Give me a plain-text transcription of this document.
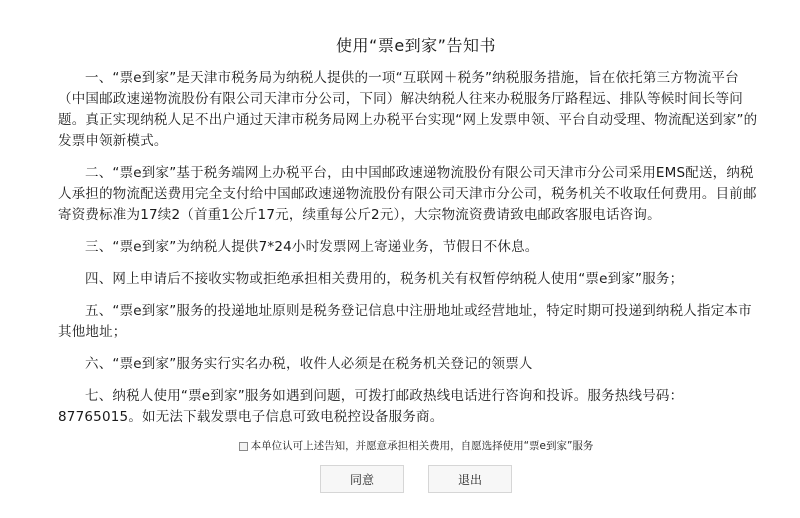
使用“票e到家”告知书
一、“票e到家”是天津市税务局为纳税人提供的一项“互联网＋税务”纳税服务措施，旨在依托第三方物流平台（中国邮政速递物流股份有限公司天津市分公司，下同）解决纳税人往来办税服务厅路程远、排队等候时间长等问题。真正实现纳税人足不出户通过天津市税务局网上办税平台实现“网上发票申领、平台自动受理、物流配送到家”的发票申领新模式。
二、“票e到家”基于税务端网上办税平台，由中国邮政速递物流股份有限公司天津市分公司采用EMS配送，纳税人承担的物流配送费用完全支付给中国邮政速递物流股份有限公司天津市分公司，税务机关不收取任何费用。目前邮寄资费标准为17续2（首重1公斤17元，续重每公斤2元），大宗物流资费请致电邮政客服电话咨询。
三、“票e到家”为纳税人提供7*24小时发票网上寄递业务，节假日不休息。
四、网上申请后不接收实物或拒绝承担相关费用的，税务机关有权暂停纳税人使用“票e到家”服务；
五、“票e到家”服务的投递地址原则是税务登记信息中注册地址或经营地址，特定时期可投递到纳税人指定本市其他地址；
六、“票e到家”服务实行实名办税，收件人必须是在税务机关登记的领票人
七、纳税人使用“票e到家”服务如遇到问题，可拨打邮政热线电话进行咨询和投诉。服务热线号码：87765015。如无法下载发票电子信息可致电税控设备服务商。
本单位认可上述告知，并愿意承担相关费用，自愿选择使用“票e到家”服务
同意	退出
